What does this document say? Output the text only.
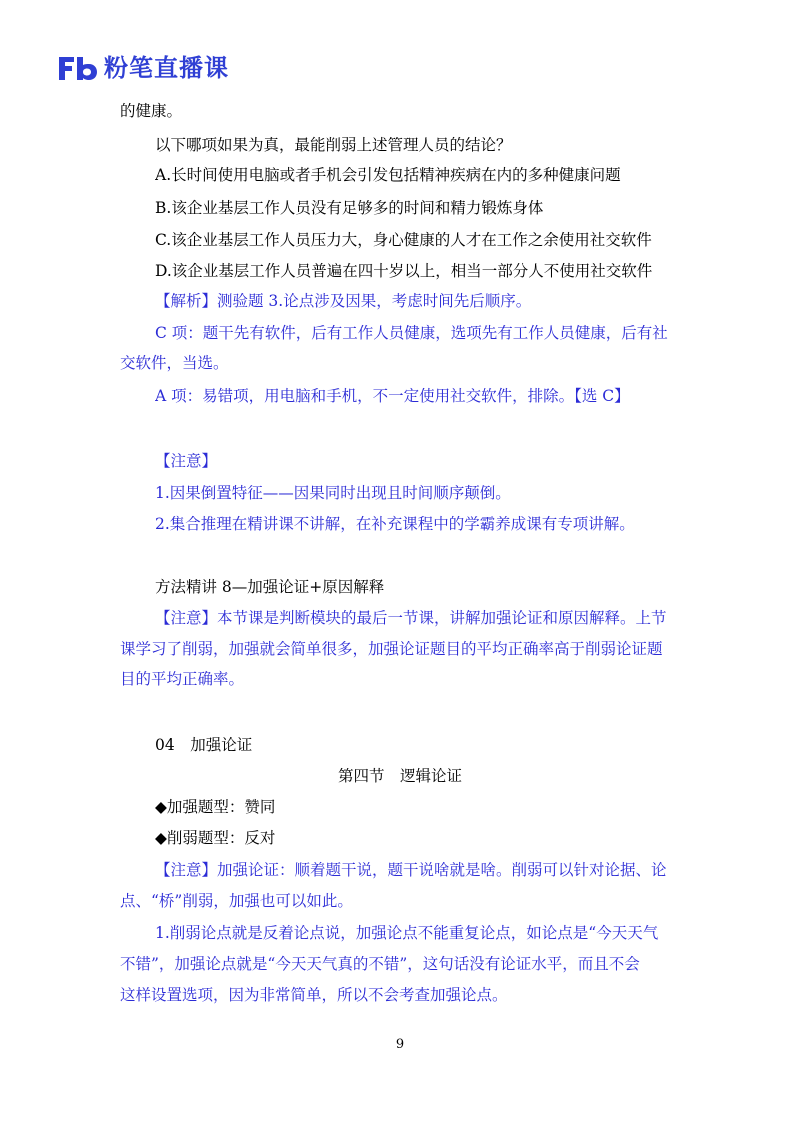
粉笔直播课
的健康。
以下哪项如果为真，最能削弱上述管理人员的结论？
A.长时间使用电脑或者手机会引发包括精神疾病在内的多种健康问题
B.该企业基层工作人员没有足够多的时间和精力锻炼身体
C.该企业基层工作人员压力大，身心健康的人才在工作之余使用社交软件
D.该企业基层工作人员普遍在四十岁以上，相当一部分人不使用社交软件
【解析】测验题 3.论点涉及因果，考虑时间先后顺序。
C 项：题干先有软件，后有工作人员健康，选项先有工作人员健康，后有社
交软件，当选。
A 项：易错项，用电脑和手机，不一定使用社交软件，排除。【选 C】
【注意】
1.因果倒置特征——因果同时出现且时间顺序颠倒。
2.集合推理在精讲课不讲解，在补充课程中的学霸养成课有专项讲解。
方法精讲 8—加强论证+原因解释
【注意】本节课是判断模块的最后一节课，讲解加强论证和原因解释。上节
课学习了削弱，加强就会简单很多，加强论证题目的平均正确率高于削弱论证题
目的平均正确率。
04　加强论证
第四节　逻辑论证
◆加强题型：赞同
◆削弱题型：反对
【注意】加强论证：顺着题干说，题干说啥就是啥。削弱可以针对论据、论
点、“桥”削弱，加强也可以如此。
1.削弱论点就是反着论点说，加强论点不能重复论点，如论点是“今天天气
不错”，加强论点就是“今天天气真的不错”，这句话没有论证水平，而且不会
这样设置选项，因为非常简单，所以不会考查加强论点。
9
